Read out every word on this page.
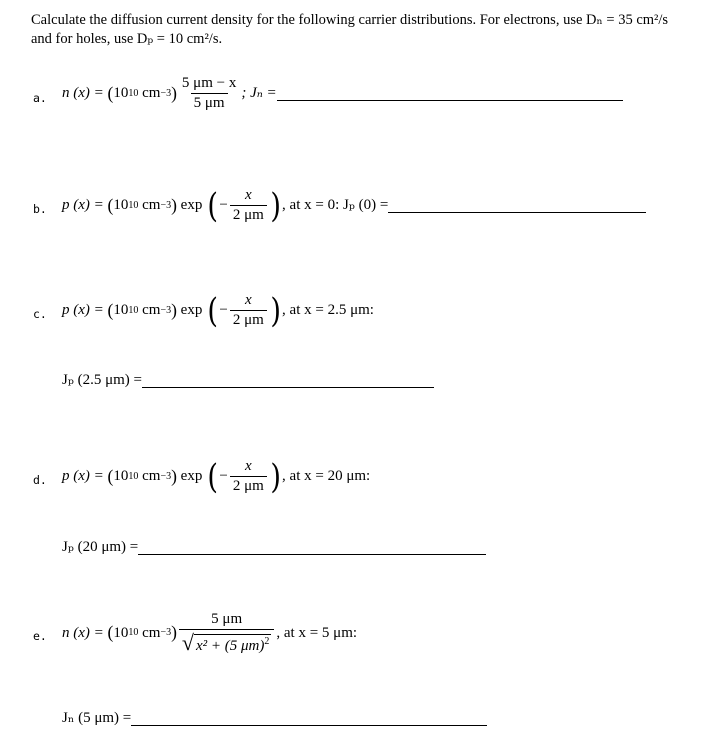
Calculate the diffusion current density for the following carrier distributions. For electrons, use Dₙ = 35 cm²/s and for holes, use Dₚ = 10 cm²/s.
a. n (x) =
( 10 10
cm −3 ) $\frac{5 \mu m - x}{5 \mu m}$ ; Jₙ =
b. p (x) =
( 10 10
cm −3 )
exp
( − $\frac{x}{2 \mu m}$ ) , at x = 0: Jₚ (0) =
c. p (x) =
( 10 10
cm −3 )
exp
( − $\frac{x}{2 \mu m}$ ) , at x = 2.5 μm:
Jₚ (2.5 μm) =
d. p (x) =
( 10 10
cm −3 )
exp
( − $\frac{x}{2 \mu m}$ ) , at x = 20 μm:
Jₚ (20 μm) =
e. n (x) =
( 10 10
cm −3 ) $\frac{5 \mu m}{√ x^2 + (5 \mu m)^2}$ , at x = 5 μm:
Jₙ (5 μm) =
